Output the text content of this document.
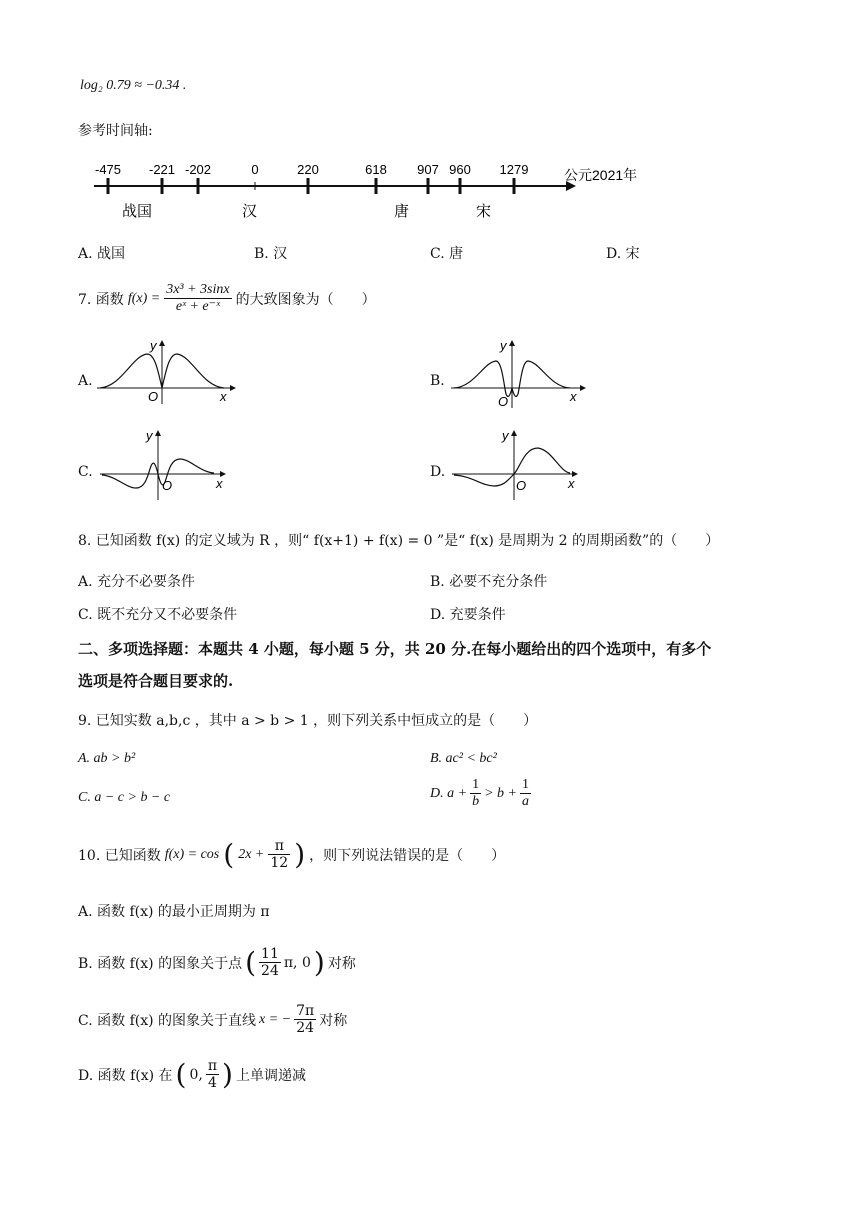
log₂ 0.79 ≈ −0.34 .
参考时间轴:
-475 -221 -202	0	220	618 907 960 1279	公元2021年
战国	汉	唐	宋
A. 战国	B. 汉	C. 唐	D. 宋
7. 函数 $f(x) = \frac{\text{3x³ + 3sinx}}{\text{eˣ + e⁻ˣ}}$ 的大致图象为（　　）
A.
y
x
O
B.
y
x
O
C.
y
x
O
D.
y
x
O
8. 已知函数 f(x) 的定义域为 R ，则“ f(x+1) + f(x) = 0 ”是“ f(x) 是周期为 2 的周期函数”的（　　）
A. 充分不必要条件	B. 必要不充分条件
C. 既不充分又不必要条件	D. 充要条件
二、多项选择题：本题共 4 小题，每小题 5 分，共 20 分.在每小题给出的四个选项中，有多个
选项是符合题目要求的.
9. 已知实数 a,b,c ，其中 a > b > 1 ，则下列关系中恒成立的是（　　）
A. ab > b²	B. ac² < bc²
C. a − c > b − c	D. $a + \frac{1}{b} > b + \frac{1}{a}$
10. 已知函数 f(x) = cos ( $2x + \frac{\pi}{12}$ ) ，则下列说法错误的是（　　）
A. 函数 f(x) 的最小正周期为 π
B. 函数 f(x) 的图象关于点 ( $\frac{11}{24} \pi$, 0 ) 对称
C. 函数 f(x) 的图象关于直线 x = − $\frac{7\pi}{24}$ 对称
D. 函数 f(x) 在 ( 0, $\frac{\pi}{4}$ ) 上单调递减
